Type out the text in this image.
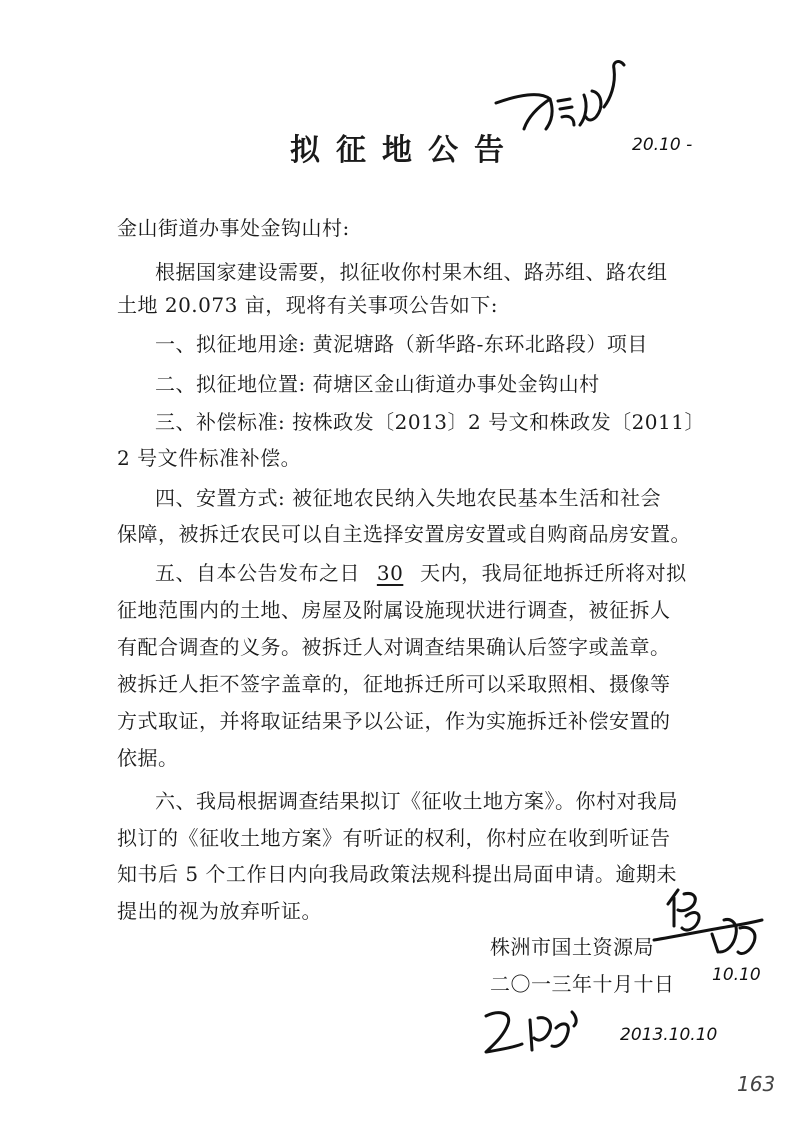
20.10 -
拟征地公告
金山街道办事处金钩山村:
根据国家建设需要，拟征收你村果木组、路苏组、路农组
土地 20.073 亩，现将有关事项公告如下:
一、拟征地用途: 黄泥塘路（新华路-东环北路段）项目
二、拟征地位置: 荷塘区金山街道办事处金钩山村
三、补偿标准: 按株政发〔2013〕2 号文和株政发〔2011〕
2 号文件标准补偿。
四、安置方式: 被征地农民纳入失地农民基本生活和社会
保障，被拆迁农民可以自主选择安置房安置或自购商品房安置。
五、自本公告发布之日 30 天内，我局征地拆迁所将对拟
征地范围内的土地、房屋及附属设施现状进行调查，被征拆人
有配合调查的义务。被拆迁人对调查结果确认后签字或盖章。
被拆迁人拒不签字盖章的，征地拆迁所可以采取照相、摄像等
方式取证，并将取证结果予以公证，作为实施拆迁补偿安置的
依据。
六、我局根据调查结果拟订《征收土地方案》。你村对我局
拟订的《征收土地方案》有听证的权利，你村应在收到听证告
知书后 5 个工作日内向我局政策法规科提出局面申请。逾期未
提出的视为放弃听证。
株洲市国土资源局
二〇一三年十月十日 10.10
2013.10.10
163
